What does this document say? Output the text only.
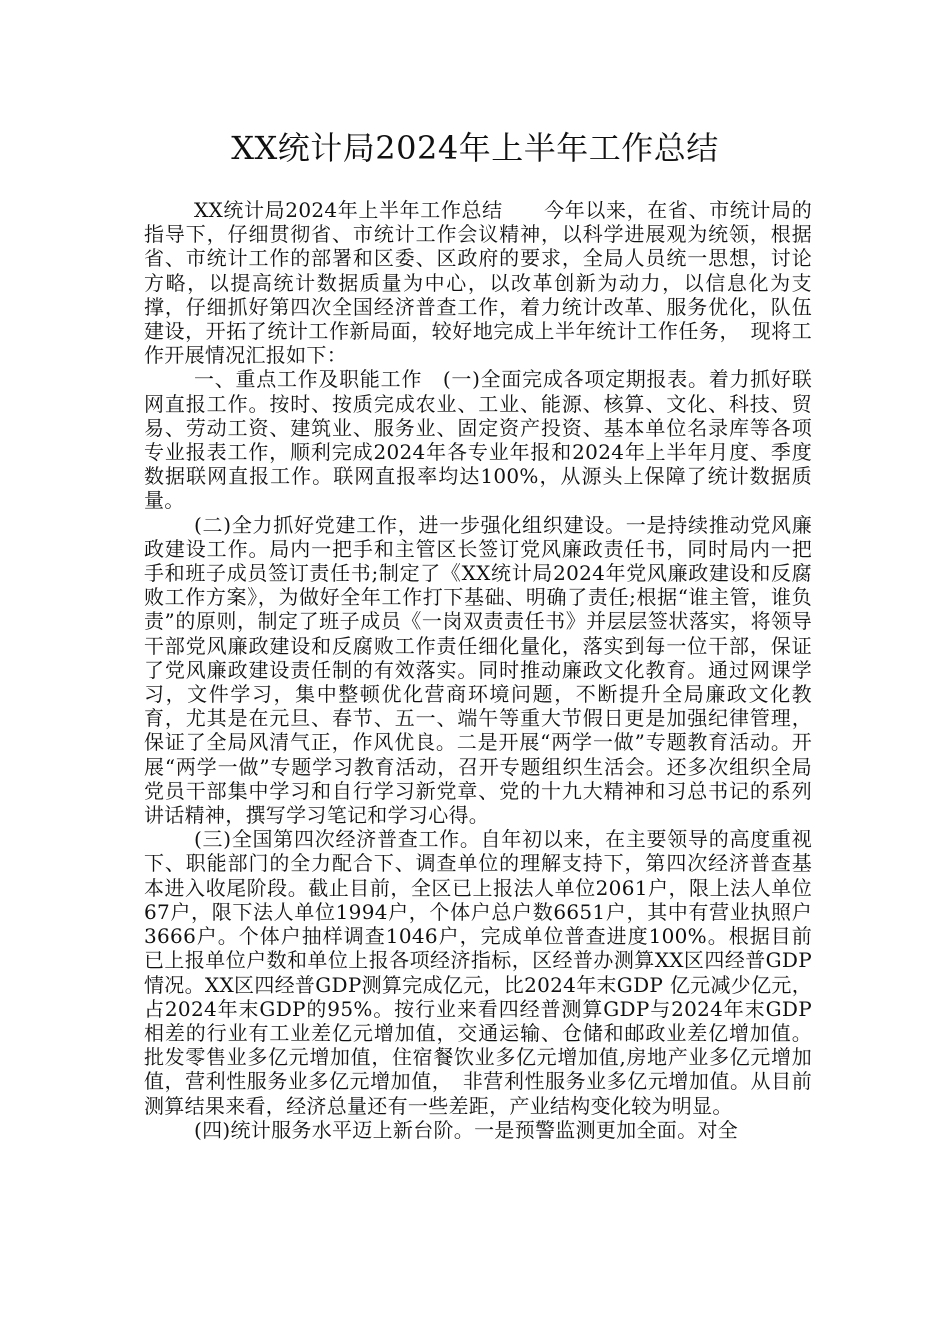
XX统计局2024年上半年工作总结

XX统计局2024年上半年工作总结　　今年以来，在省、市统计局的指导下，仔细贯彻省、市统计工作会议精神，以科学进展观为统领，根据省、市统计工作的部署和区委、区政府的要求，全局人员统一思想，讨论方略，以提高统计数据质量为中心，以改革创新为动力，以信息化为支撑，仔细抓好第四次全国经济普查工作，着力统计改革、服务优化，队伍建设，开拓了统计工作新局面，较好地完成上半年统计工作任务，　现将工作开展情况汇报如下：

一、重点工作及职能工作　(一)全面完成各项定期报表。着力抓好联网直报工作。按时、按质完成农业、工业、能源、核算、文化、科技、贸易、劳动工资、建筑业、服务业、固定资产投资、基本单位名录库等各项专业报表工作，顺利完成2024年各专业年报和2024年上半年月度、季度数据联网直报工作。联网直报率均达100%，从源头上保障了统计数据质量。

(二)全力抓好党建工作，进一步强化组织建设。一是持续推动党风廉政建设工作。局内一把手和主管区长签订党风廉政责任书，同时局内一把手和班子成员签订责任书;制定了《XX统计局2024年党风廉政建设和反腐败工作方案》，为做好全年工作打下基础、明确了责任;根据“谁主管，谁负责”的原则，制定了班子成员《一岗双责责任书》并层层签状落实，将领导干部党风廉政建设和反腐败工作责任细化量化，落实到每一位干部，保证了党风廉政建设责任制的有效落实。同时推动廉政文化教育。通过网课学习，文件学习，集中整顿优化营商环境问题，不断提升全局廉政文化教育，尤其是在元旦、春节、五一、端午等重大节假日更是加强纪律管理，保证了全局风清气正，作风优良。二是开展“两学一做”专题教育活动。开展“两学一做”专题学习教育活动，召开专题组织生活会。还多次组织全局党员干部集中学习和自行学习新党章、党的十九大精神和习总书记的系列讲话精神，撰写学习笔记和学习心得。

(三)全国第四次经济普查工作。自年初以来，在主要领导的高度重视下、职能部门的全力配合下、调查单位的理解支持下，第四次经济普查基本进入收尾阶段。截止目前，全区已上报法人单位2061户，限上法人单位67户，限下法人单位1994户，个体户总户数6651户，其中有营业执照户3666户。个体户抽样调查1046户，完成单位普查进度100%。根据目前已上报单位户数和单位上报各项经济指标，区经普办测算XX区四经普GDP情况。XX区四经普GDP测算完成亿元，比2024年末GDP 亿元减少亿元，占2024年末GDP的95%。按行业来看四经普测算GDP与2024年末GDP相差的行业有工业差亿元增加值，交通运输、仓储和邮政业差亿增加值。批发零售业多亿元增加值，住宿餐饮业多亿元增加值,房地产业多亿元增加值，营利性服务业多亿元增加值，　非营利性服务业多亿元增加值。从目前测算结果来看，经济总量还有一些差距，产业结构变化较为明显。

(四)统计服务水平迈上新台阶。一是预警监测更加全面。对全
